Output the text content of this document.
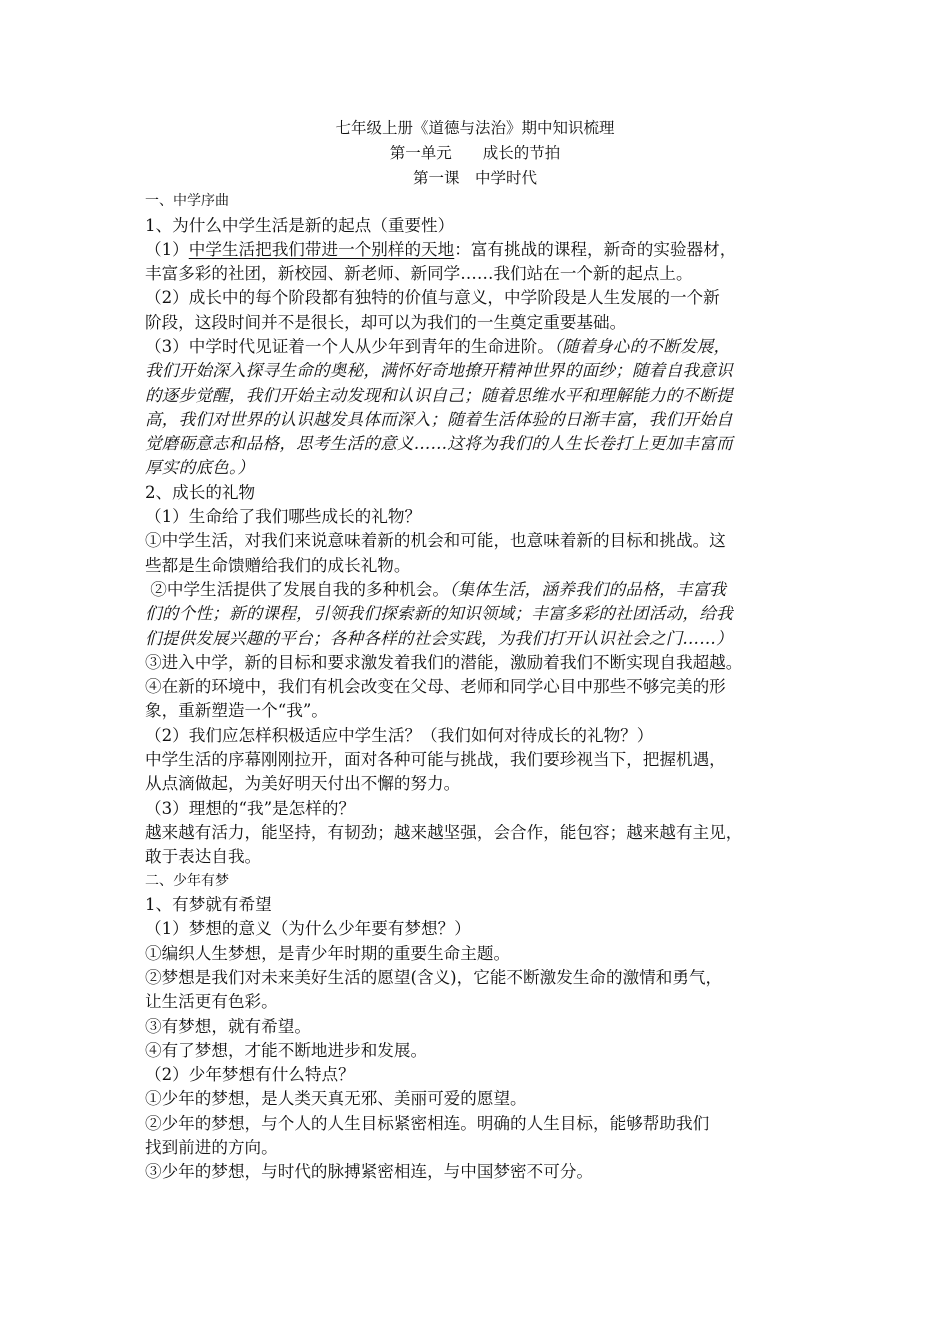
七年级上册《道德与法治》期中知识梳理
第一单元　　成长的节拍
第一课　中学时代
一、中学序曲
1、为什么中学生活是新的起点（重要性）
（1）中学生活把我们带进一个别样的天地：富有挑战的课程，新奇的实验器材，
丰富多彩的社团，新校园、新老师、新同学……我们站在一个新的起点上。
（2）成长中的每个阶段都有独特的价值与意义，中学阶段是人生发展的一个新
阶段，这段时间并不是很长，却可以为我们的一生奠定重要基础。
（3）中学时代见证着一个人从少年到青年的生命进阶。（随着身心的不断发展，
我们开始深入探寻生命的奥秘，满怀好奇地撩开精神世界的面纱；随着自我意识
的逐步觉醒，我们开始主动发现和认识自己；随着思维水平和理解能力的不断提
高，我们对世界的认识越发具体而深入；随着生活体验的日渐丰富，我们开始自
觉磨砺意志和品格，思考生活的意义……这将为我们的人生长卷打上更加丰富而
厚实的底色。）
2、成长的礼物
（1）生命给了我们哪些成长的礼物？
①中学生活，对我们来说意味着新的机会和可能，也意味着新的目标和挑战。这
些都是生命馈赠给我们的成长礼物。
②中学生活提供了发展自我的多种机会。（集体生活，涵养我们的品格，丰富我
们的个性；新的课程，引领我们探索新的知识领域；丰富多彩的社团活动，给我
们提供发展兴趣的平台；各种各样的社会实践，为我们打开认识社会之门……）
③进入中学，新的目标和要求激发着我们的潜能，激励着我们不断实现自我超越。
④在新的环境中，我们有机会改变在父母、老师和同学心目中那些不够完美的形
象，重新塑造一个“我”。
（2）我们应怎样积极适应中学生活？（我们如何对待成长的礼物？）
中学生活的序幕刚刚拉开，面对各种可能与挑战，我们要珍视当下，把握机遇，
从点滴做起，为美好明天付出不懈的努力。
（3）理想的“我”是怎样的？
越来越有活力，能坚持，有韧劲；越来越坚强，会合作，能包容；越来越有主见，
敢于表达自我。
二、少年有梦
1、有梦就有希望
（1）梦想的意义（为什么少年要有梦想？）
①编织人生梦想，是青少年时期的重要生命主题。
②梦想是我们对未来美好生活的愿望(含义)，它能不断激发生命的激情和勇气，
让生活更有色彩。
③有梦想，就有希望。
④有了梦想，才能不断地进步和发展。
（2）少年梦想有什么特点？
①少年的梦想，是人类天真无邪、美丽可爱的愿望。
②少年的梦想，与个人的人生目标紧密相连。明确的人生目标，能够帮助我们
找到前进的方向。
③少年的梦想，与时代的脉搏紧密相连，与中国梦密不可分。
